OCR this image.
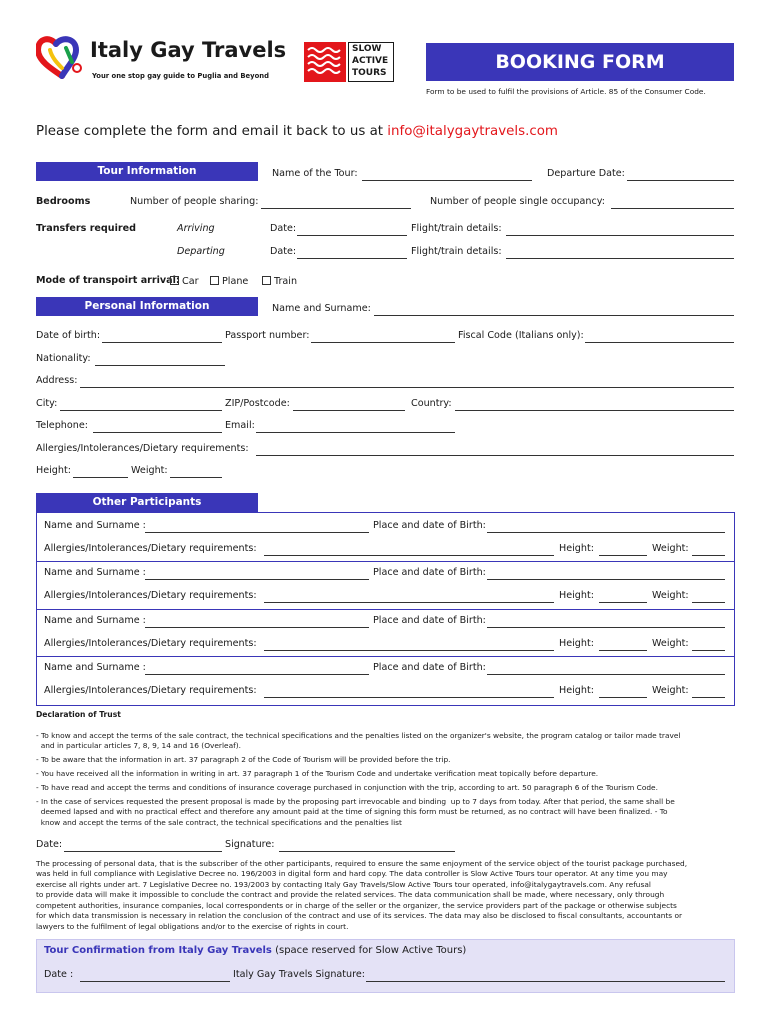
Italy Gay Travels
Your one stop gay guide to Puglia and Beyond
SLOW
ACTIVE
TOURS	BOOKING FORM
Form to be used to fulfil the provisions of Article. 85 of the Consumer Code.
Please complete the form and email it back to us at info@italygaytravels.com
Tour Information	Name of the Tour:	Departure Date:
Bedrooms	Number of people sharing:	Number of people single occupancy:
Transfers required	Arriving	Date:	Flight/train details:
Departing	Date:	Flight/train details:
Mode of transpoirt arrival: Car	Plane	Train
Personal Information	Name and Surname:
Date of birth:	Passport number:	Fiscal Code (Italians only):
Nationality:
Address:
City:	ZIP/Postcode:	Country:
Telephone:	Email:
Allergies/Intolerances/Dietary requirements:
Height:	Weight:
Other Participants
Name and Surname :	Place and date of Birth:
Allergies/Intolerances/Dietary requirements:	Height:	Weight:
Name and Surname :	Place and date of Birth:
Allergies/Intolerances/Dietary requirements:	Height:	Weight:
Name and Surname :	Place and date of Birth:
Allergies/Intolerances/Dietary requirements:	Height:	Weight:
Name and Surname :	Place and date of Birth:
Allergies/Intolerances/Dietary requirements:	Height:	Weight:
Declaration of Trust
- To know and accept the terms of the sale contract, the technical specifications and the penalties listed on the organizer's website, the program catalog or tailor made travel
and in particular articles 7, 8, 9, 14 and 16 (Overleaf).
- To be aware that the information in art. 37 paragraph 2 of the Code of Tourism will be provided before the trip.
- You have received all the information in writing in art. 37 paragraph 1 of the Tourism Code and undertake verification meat topically before departure.
- To have read and accept the terms and conditions of insurance coverage purchased in conjunction with the trip, according to art. 50 paragraph 6 of the Tourism Code.
- In the case of services requested the present proposal is made by the proposing part irrevocable and binding  up to 7 days from today. After that period, the same shall be
deemed lapsed and with no practical effect and therefore any amount paid at the time of signing this form must be returned, as no contract will have been finalized. - To
know and accept the terms of the sale contract, the technical specifications and the penalties list
Date:	Signature:
The processing of personal data, that is the subscriber of the other participants, required to ensure the same enjoyment of the service object of the tourist package purchased,
was held in full compliance with Legislative Decree no. 196/2003 in digital form and hard copy. The data controller is Slow Active Tours tour operator. At any time you may
exercise all rights under art. 7 Legislative Decree no. 193/2003 by contacting Italy Gay Travels/Slow Active Tours tour operated, info@italygaytravels.com. Any refusal
to provide data will make it impossible to conclude the contract and provide the related services. The data communication shall be made, where necessary, only through
competent authorities, insurance companies, local correspondents or in charge of the seller or the organizer, the service providers part of the package or otherwise subjects
for which data transmission is necessary in relation the conclusion of the contract and use of its services. The data may also be disclosed to fiscal consultants, accountants or
lawyers to the fulfilment of legal obligations and/or to the exercise of rights in court.
Tour Confirmation from Italy Gay Travels (space reserved for Slow Active Tours)
Date :	Italy Gay Travels Signature:
